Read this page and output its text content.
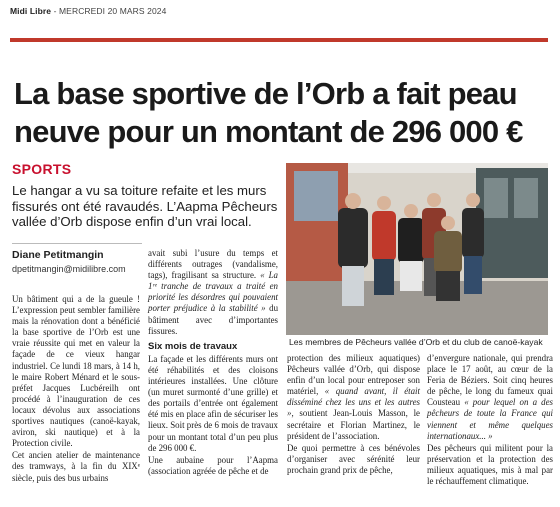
Midi Libre - MERCREDI 20 MARS 2024
La base sportive de l’Orb a fait peau neuve pour un montant de 296 000 €
SPORTS
Le hangar a vu sa toiture refaite et les murs fissurés ont été ravaudés. L’Aapma Pêcheurs vallée d’Orb dispose enfin d’un vrai local.
Diane Petitmangin
dpetitmangin@midilibre.com

Un bâtiment qui a de la gueule ! L’expression peut sembler familière mais la rénovation dont a bénéficié la base sportive de l’Orb est une vraie réussite qui met en valeur la façade de ce vieux hangar industriel. Ce lundi 18 mars, à 14 h, le maire Robert Ménard et le sous-préfet Jacques Lucbéreilh ont procédé à l’inauguration de ces locaux dévolus aux associations sportives nautiques (canoë-kayak, aviron, ski nautique) et à la Protection civile.

Cet ancien atelier de maintenance des tramways, à la fin du XIXᵉ siècle, puis des bus urbains

avait subi l’usure du temps et différents outrages (vandalisme, tags), fragilisant sa structure. « La 1ʳᵉ tranche de travaux a traité en priorité les désordres qui pouvaient porter préjudice à la stabilité » du bâtiment avec d’importantes fissures.

Six mois de travaux

La façade et les différents murs ont été réhabilités et des cloisons intérieures installées. Une clôture (un muret surmonté d’une grille) et des portails d’entrée ont également été mis en place afin de sécuriser les lieux. Soit près de 6 mois de travaux pour un montant total d’un peu plus de 296 000 €.

Une aubaine pour l’Aapma (association agréée de pêche et de

Les membres de Pêcheurs vallée d’Orb et du club de canoë-kayak

protection des milieux aquatiques) Pêcheurs vallée d’Orb, qui dispose enfin d’un local pour entreposer son matériel, « quand avant, il était disséminé chez les uns et les autres », soutient Jean-Louis Masson, le secrétaire et Florian Martinez, le président de l’association.

De quoi permettre à ces bénévoles d’organiser avec sérénité leur prochain grand prix de pêche,

d’envergure nationale, qui prendra place le 17 août, au cœur de la Feria de Béziers. Soit cinq heures de pêche, le long du fameux quai Cousteau « pour lequel on a des pêcheurs de toute la France qui viennent et même quelques internationaux... »

Des pêcheurs qui militent pour la préservation et la protection des milieux aquatiques, mis à mal par le réchauffement climatique.
